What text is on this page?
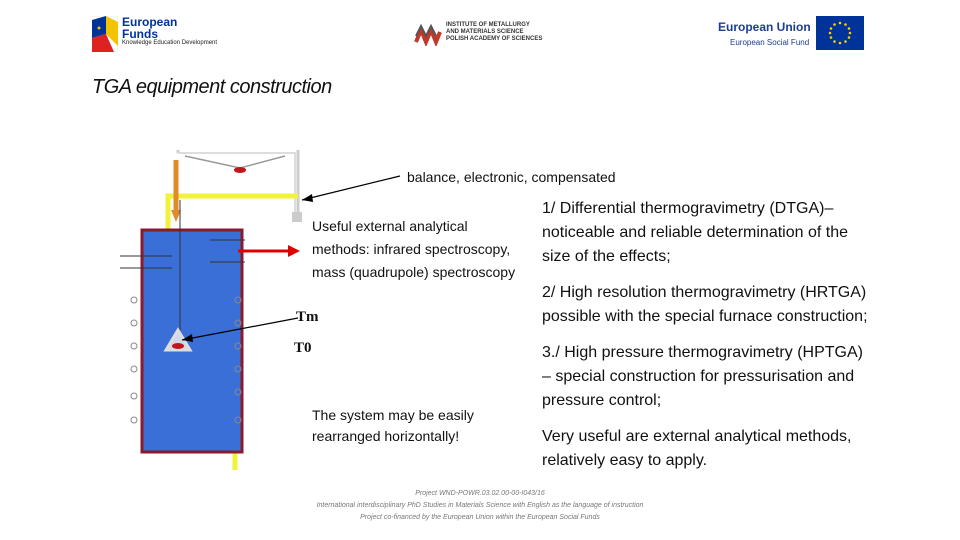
European
Funds
Knowledge Education Development
INSTITUTE OF METALLURGY
AND MATERIALS SCIENCE
POLISH ACADEMY OF SCIENCES
European Union
European Social Fund
TGA equipment construction
balance, electronic, compensated
Useful external analytical methods: infrared spectroscopy, mass (quadrupole) spectroscopy
Tm
T0
The system may be easily rearranged horizontally!

1/ Differential thermogravimetry (DTGA)–noticeable and reliable determination of the size of the effects;

2/ High resolution thermogravimetry (HRTGA) possible with the special furnace construction;

3./ High pressure thermogravimetry (HPTGA) – special construction for pressurisation and pressure control;

Very useful are external analytical methods, relatively easy to apply.

Project WND-POWR.03.02.00-00-I043/16
International interdisciplinary PhD Studies in Materials Science with English as the language of instruction
Project co-financed by the European Union within the European Social Funds
